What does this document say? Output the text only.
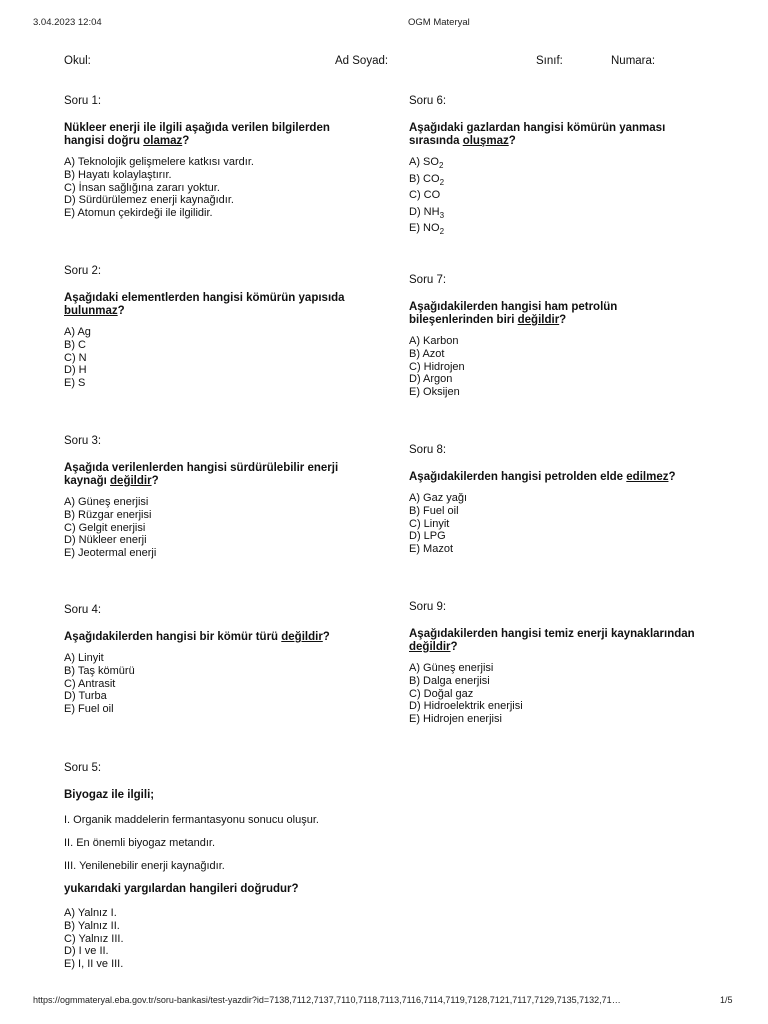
3.04.2023 12:04	OGM Materyal
Okul:	Ad Soyad:	Sınıf:	Numara:
Soru 1:
Nükleer enerji ile ilgili aşağıda verilen bilgilerden hangisi doğru olamaz?
A) Teknolojik gelişmelere katkısı vardır.
B) Hayatı kolaylaştırır.
C) İnsan sağlığına zararı yoktur.
D) Sürdürülemez enerji kaynağıdır.
E) Atomun çekirdeği ile ilgilidir.
Soru 2:
Aşağıdaki elementlerden hangisi kömürün yapısıda bulunmaz?
A) Ag
B) C
C) N
D) H
E) S
Soru 3:
Aşağıda verilenlerden hangisi sürdürülebilir enerji kaynağı değildir?
A) Güneş enerjisi
B) Rüzgar enerjisi
C) Gelgit enerjisi
D) Nükleer enerji
E) Jeotermal enerji
Soru 4:
Aşağıdakilerden hangisi bir kömür türü değildir?
A) Linyit
B) Taş kömürü
C) Antrasit
D) Turba
E) Fuel oil
Soru 5:
Biyogaz ile ilgili;
I. Organik maddelerin fermantasyonu sonucu oluşur.
II. En önemli biyogaz metandır.
III. Yenilenebilir enerji kaynağıdır.
yukarıdaki yargılardan hangileri doğrudur?
A) Yalnız I.
B) Yalnız II.
C) Yalnız III.
D) I ve II.
E) I, II ve III.
Soru 6:
Aşağıdaki gazlardan hangisi kömürün yanması sırasında oluşmaz?
A) $SO_2$
B) $CO_2$
C) CO
D) $NH_3$
E) $NO_2$
Soru 7:
Aşağıdakilerden hangisi ham petrolün bileşenlerinden biri değildir?
A) Karbon
B) Azot
C) Hidrojen
D) Argon
E) Oksijen
Soru 8:
Aşağıdakilerden hangisi petrolden elde edilmez?
A) Gaz yağı
B) Fuel oil
C) Linyit
D) LPG
E) Mazot
Soru 9:
Aşağıdakilerden hangisi temiz enerji kaynaklarından değildir?
A) Güneş enerjisi
B) Dalga enerjisi
C) Doğal gaz
D) Hidroelektrik enerjisi
E) Hidrojen enerjisi
https://ogmmateryal.eba.gov.tr/soru-bankasi/test-yazdir?id=7138,7112,7137,7110,7118,7113,7116,7114,7119,7128,7121,7117,7129,7135,7132,71…	1/5
